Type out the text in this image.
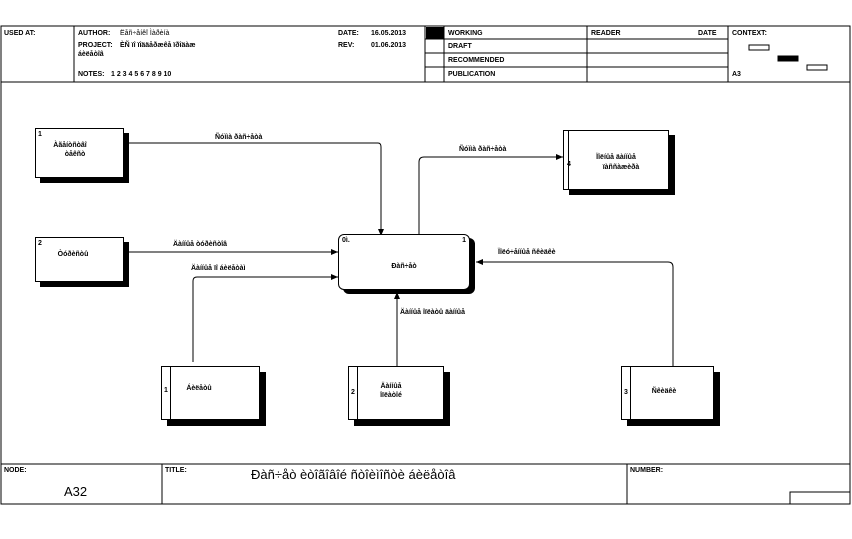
USED AT:	AUTHOR: Ëåñ÷åíêî Ìàðèíà
PROJECT: ÈÑ ïî ïîääåðæêå ïðîäàæ
áèëåòîâ
NOTES: 1 2 3 4 5 6 7 8 9 10
DATE: 16.05.2013
REV: 01.06.2013
WORKING
DRAFT
RECOMMENDED
PUBLICATION
READER	DATE CONTEXT:
A3
Ñóììà ðàñ÷åòà
Äàííûå òóðèñòîâ
Äàííûå ïî áèëåòàì
Ñóììà ðàñ÷åòà
Ïîëó÷åííûå ñêèäêè
Äàííûå îïëàòû äàííûå
0ì.	1
Ðàñ÷åò
1
Àãåíòñòâî
òåêñò
2
Òóðèñòû
4
Ïîëíûå äàííûå
ïàññàæèðà
1	Áèëåòû
2
Äàííûå
îïëàòîé	3	Ñêèäêè
NODE:
A32
TITLE:	Ðàñ÷åò èòîãîâîé ñòîèìîñòè áèëåòîâ	NUMBER:
